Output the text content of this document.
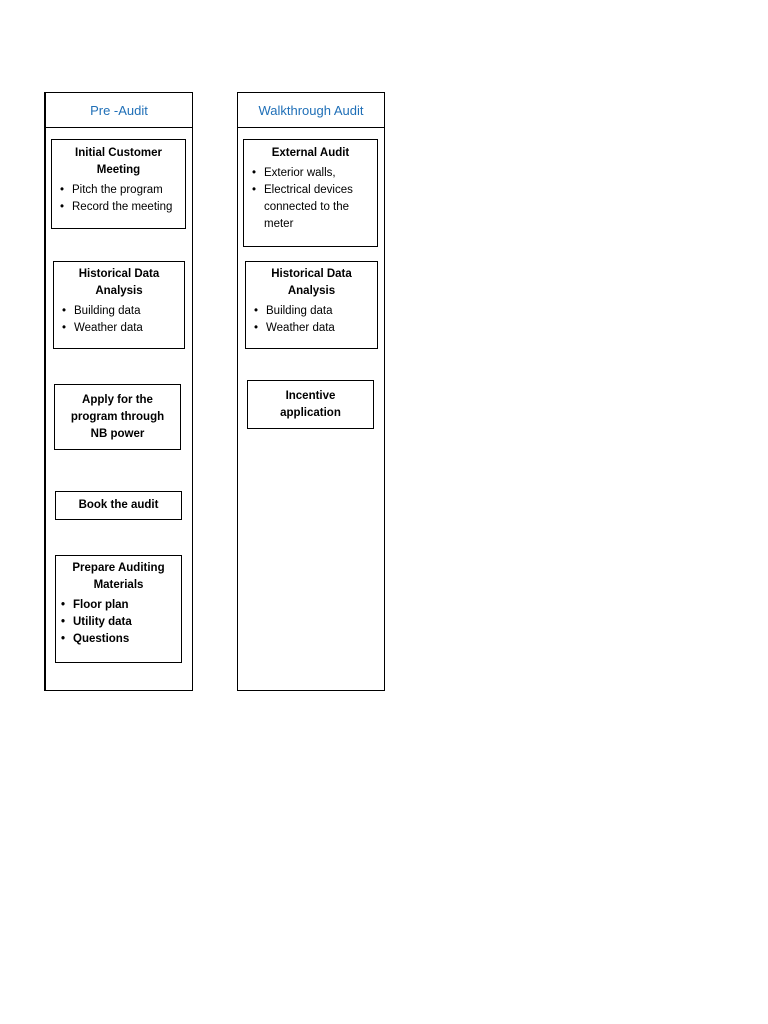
Pre -Audit
Initial Customer Meeting
• Pitch the program
• Record the meeting
Historical Data Analysis
• Building data
• Weather data
Apply for the program through NB power
Book the audit
Prepare Auditing Materials
• Floor plan
• Utility data
• Questions
Walkthrough Audit
External Audit
• Exterior walls,
• Electrical devices connected to the meter
Historical Data Analysis
• Building data
• Weather data
Incentive application
